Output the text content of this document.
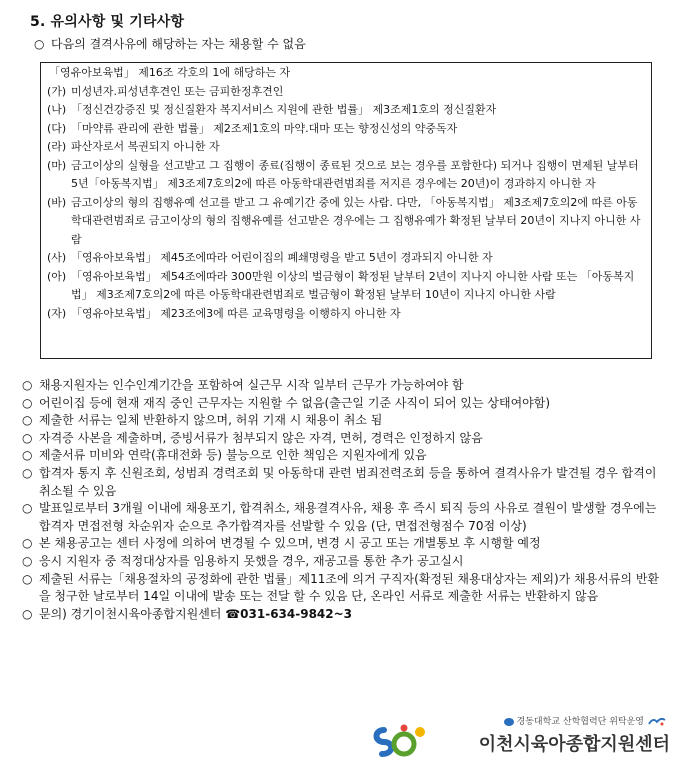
5. 유의사항 및 기타사항
○ 다음의 결격사유에 해당하는 자는 채용할 수 없음
「영유아보육법」 제16조 각호의 1에 해당하는 자
(가) 미성년자.피성년후견인 또는 금피한정후견인
(나) 「정신건강증진 및 정신질환자 복지서비스 지원에 관한 법률」 제3조제1호의 정신질환자
(다) 「마약류 관리에 관한 법률」 제2조제1호의 마약.대마 또는 향정신성의 약중독자
(라) 파산자로서 복권되지 아니한 자
(마) 금고이상의 실형을 선고받고 그 집행이 종료(집행이 종료된 것으로 보는 경우를 포함한다) 되거나 집행이 면제된 날부터 5년「아동복지법」 제3조제7호의2에 따른 아동학대관련범죄를 저지른 경우에는 20년)이 경과하지 아니한 자
(바) 금고이상의 형의 집행유예 선고를 받고 그 유예기간 중에 있는 사람. 다만, 「아동복지법」 제3조제7호의2에 따른 아동학대관련범죄로 금고이상의 형의 집행유예를 선고받은 경우에는 그 집행유예가 확정된 날부터 20년이 지나지 아니한 사람
(사) 「영유아보육법」 제45조에따라 어린이집의 폐쇄명령을 받고 5년이 경과되지 아니한 자
(아) 「영유아보육법」 제54조에따라 300만원 이상의 벌금형이 확정된 날부터 2년이 지나지 아니한 사람 또는 「아동복지법」 제3조제7호의2에 따른 아동학대관련범죄로 벌금형이 확정된 날부터 10년이 지나지 아니한 사람
(자) 「영유아보육법」 제23조에3에 따른 교육명령을 이행하지 아니한 자
○ 채용지원자는 인수인계기간을 포함하여 실근무 시작 일부터 근무가 가능하여야 함
○ 어린이집 등에 현재 재직 중인 근무자는 지원할 수 없음(출근일 기준 사직이 되어 있는 상태여야함)
○ 제출한 서류는 일체 반환하지 않으며, 허위 기재 시 채용이 취소 됨
○ 자격증 사본을 제출하며, 증빙서류가 첨부되지 않은 자격, 면허, 경력은 인정하지 않음
○ 제출서류 미비와 연락(휴대전화 등) 불능으로 인한 책임은 지원자에게 있음
○ 합격자 통지 후 신원조회, 성범죄 경력조회 및 아동학대 관련 범죄전력조회 등을 통하여 결격사유가 발견될 경우 합격이 취소될 수 있음
○ 발표일로부터 3개월 이내에 채용포기, 합격취소, 채용결격사유, 채용 후 즉시 퇴직 등의 사유로 결원이 발생할 경우에는 합격자 면접전형 차순위자 순으로 추가합격자를 선발할 수 있음 (단, 면접전형점수 70점 이상)
○ 본 채용공고는 센터 사정에 의하여 변경될 수 있으며, 변경 시 공고 또는 개별통보 후 시행할 예정
○ 응시 지원자 중 적정대상자를 임용하지 못했을 경우, 재공고를 통한 추가 공고실시
○ 제출된 서류는「채용절차의 공정화에 관한 법률」제11조에 의거 구직자(확정된 채용대상자는 제외)가 채용서류의 반환을 청구한 날로부터 14일 이내에 발송 또는 전달 할 수 있음 단, 온라인 서류로 제출한 서류는 반환하지 않음
○ 문의) 경기이천시육아종합지원센터 ☎031-634-9842~3
경동대학교 산학협력단 위탁운영
이천시육아종합지원센터
